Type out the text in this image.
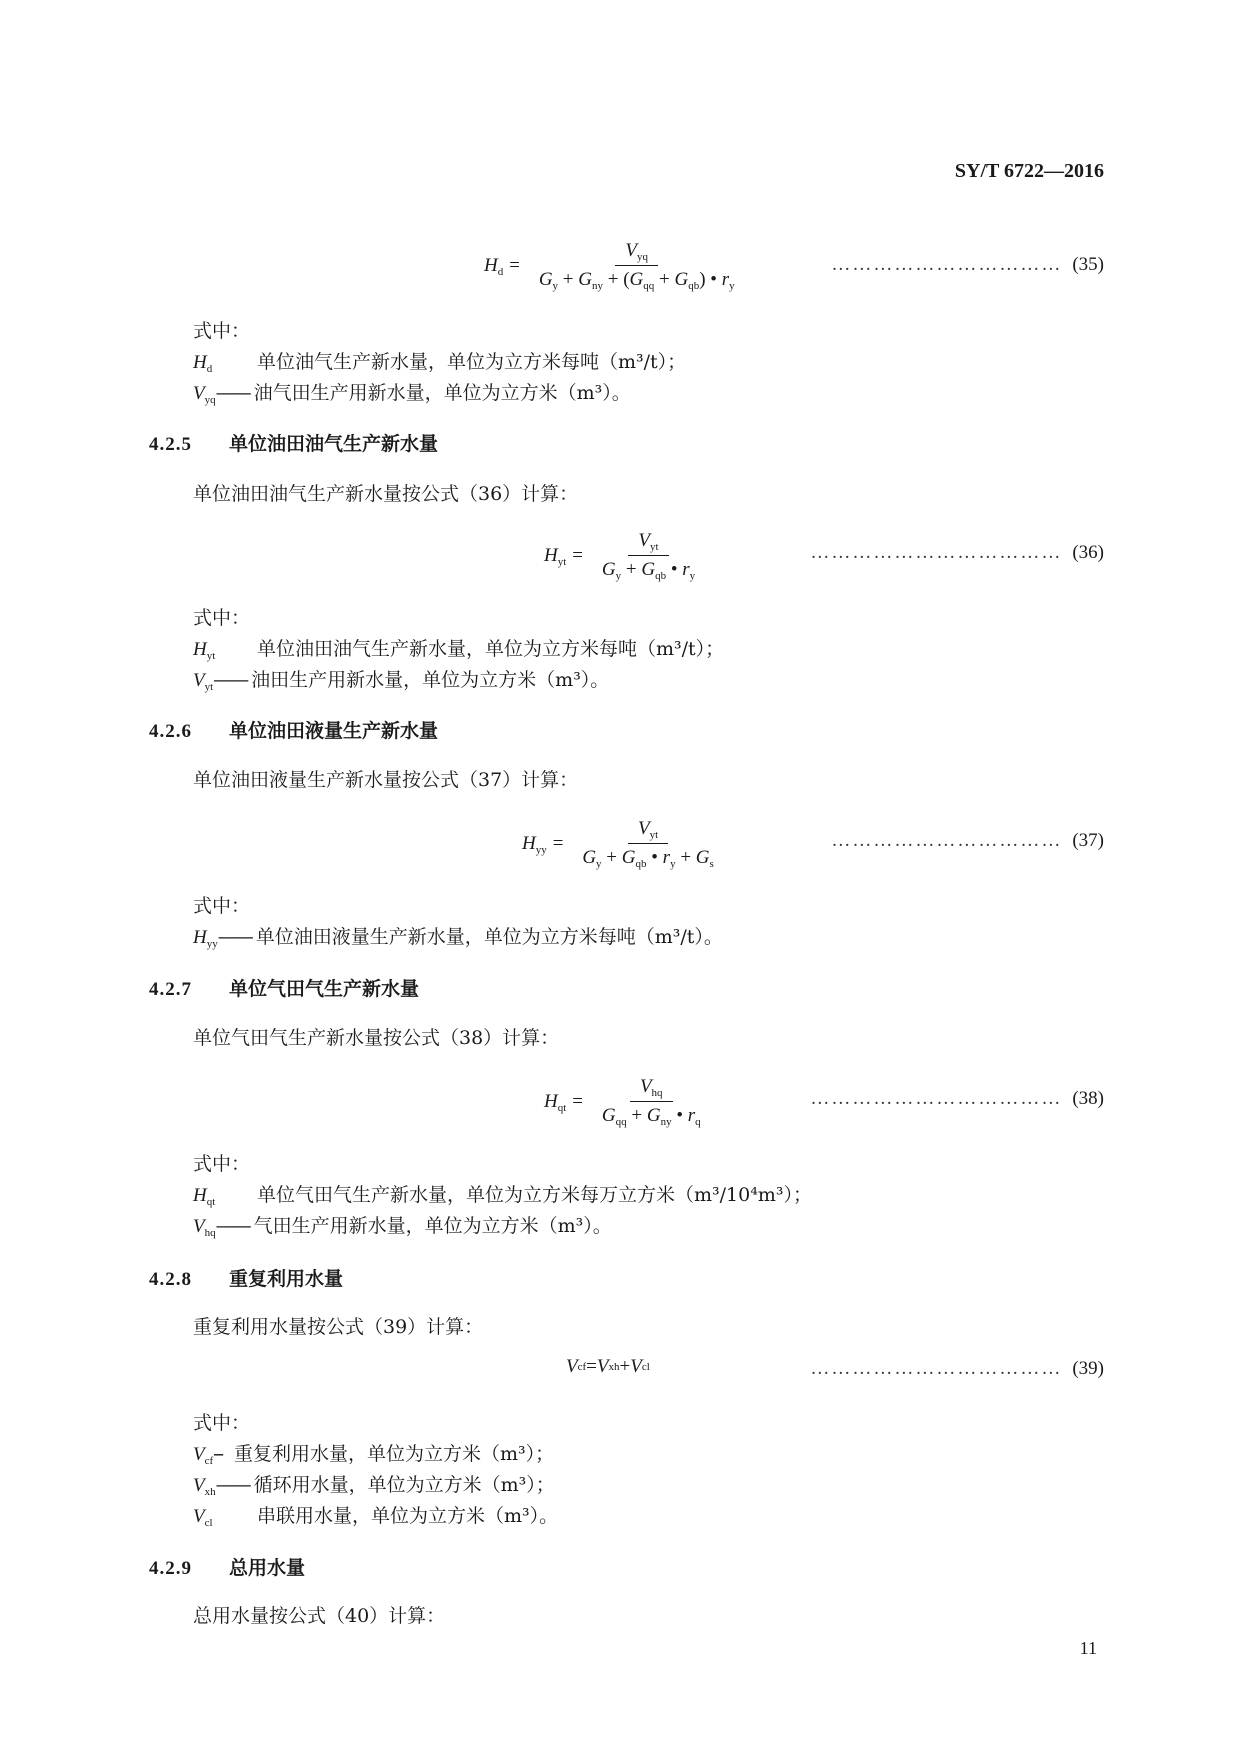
SY/T 6722—2016
$H_d = \frac{V_{yq}}{G_y + G_{ny} + (G_{qq} + G_{qb}) • r_y}$	…………………………… (35)
式中：
$H_d$ 单位油气生产新水量，单位为立方米每吨（m³/t）；
$V_{yq}——$ 油气田生产用新水量，单位为立方米（m³）。
4.2.5 单位油田油气生产新水量
单位油田油气生产新水量按公式（36）计算：
$H_{yt} = \frac{V_{yt}}{G_y + G_{qb} • r_y}$	……………………………… (36)
式中：
$H_{yt}$ 单位油田油气生产新水量，单位为立方米每吨（m³/t）；
$V_{yt}——$ 油田生产用新水量，单位为立方米（m³）。
4.2.6 单位油田液量生产新水量
单位油田液量生产新水量按公式（37）计算：
$H_{yy} = \frac{V_{yt}}{G_y + G_{qb} • r_y + G_s}$	…………………………… (37)
式中：
$H_{yy}——$ 单位油田液量生产新水量，单位为立方米每吨（m³/t）。
4.2.7 单位气田气生产新水量
单位气田气生产新水量按公式（38）计算：
$H_{qt} = \frac{V_{hq}}{G_{qq} + G_{ny} • r_q}$	……………………………… (38)
式中：
$H_{qt}$ 单位气田气生产新水量，单位为立方米每万立方米（m³/10⁴m³）；
$V_{hq}——$ 气田生产用新水量，单位为立方米（m³）。
4.2.8 重复利用水量
重复利用水量按公式（39）计算：
V cf = V xh + V cl	……………………………… (39)
式中：
$V_{cf}--$ 重复利用水量，单位为立方米（m³）；
$V_{xh}——$ 循环用水量，单位为立方米（m³）；
$V_{cl}$ 串联用水量，单位为立方米（m³）。
4.2.9 总用水量
总用水量按公式（40）计算：
11
